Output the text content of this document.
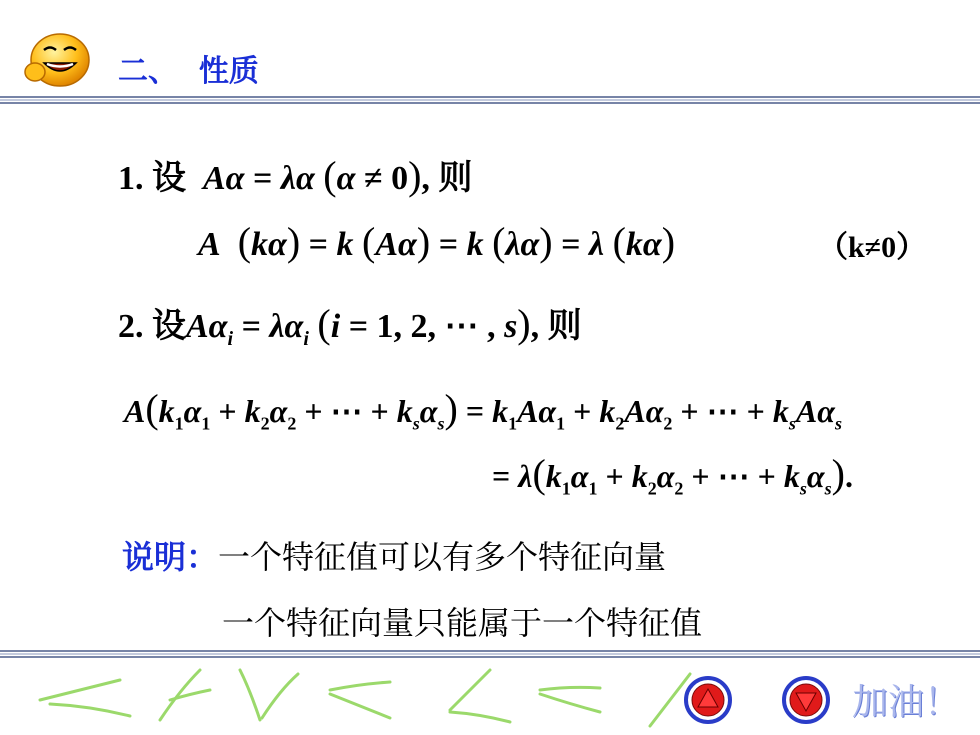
二、  性质
1. 设 Aα = λα (α ≠ 0), 则
A (kα) = k (Aα) = k (λα) = λ (kα)	（k≠0）
2. 设$A\alpha_i = \lambda\alpha_i$ (i = 1, 2, ⋯ , s), 则
$A(k_1\alpha_1 + k_2\alpha_2$ + ⋯ + $k_s\alpha_s) = k_1A\alpha_1 + k_2A\alpha_2$ + ⋯ + $k_sA\alpha_s$
= $\lambda(k_1\alpha_1 + k_2\alpha_2$ + ⋯ + $k_s\alpha_s$).
说明：一个特征值可以有多个特征向量
一个特征向量只能属于一个特征值
加油！
